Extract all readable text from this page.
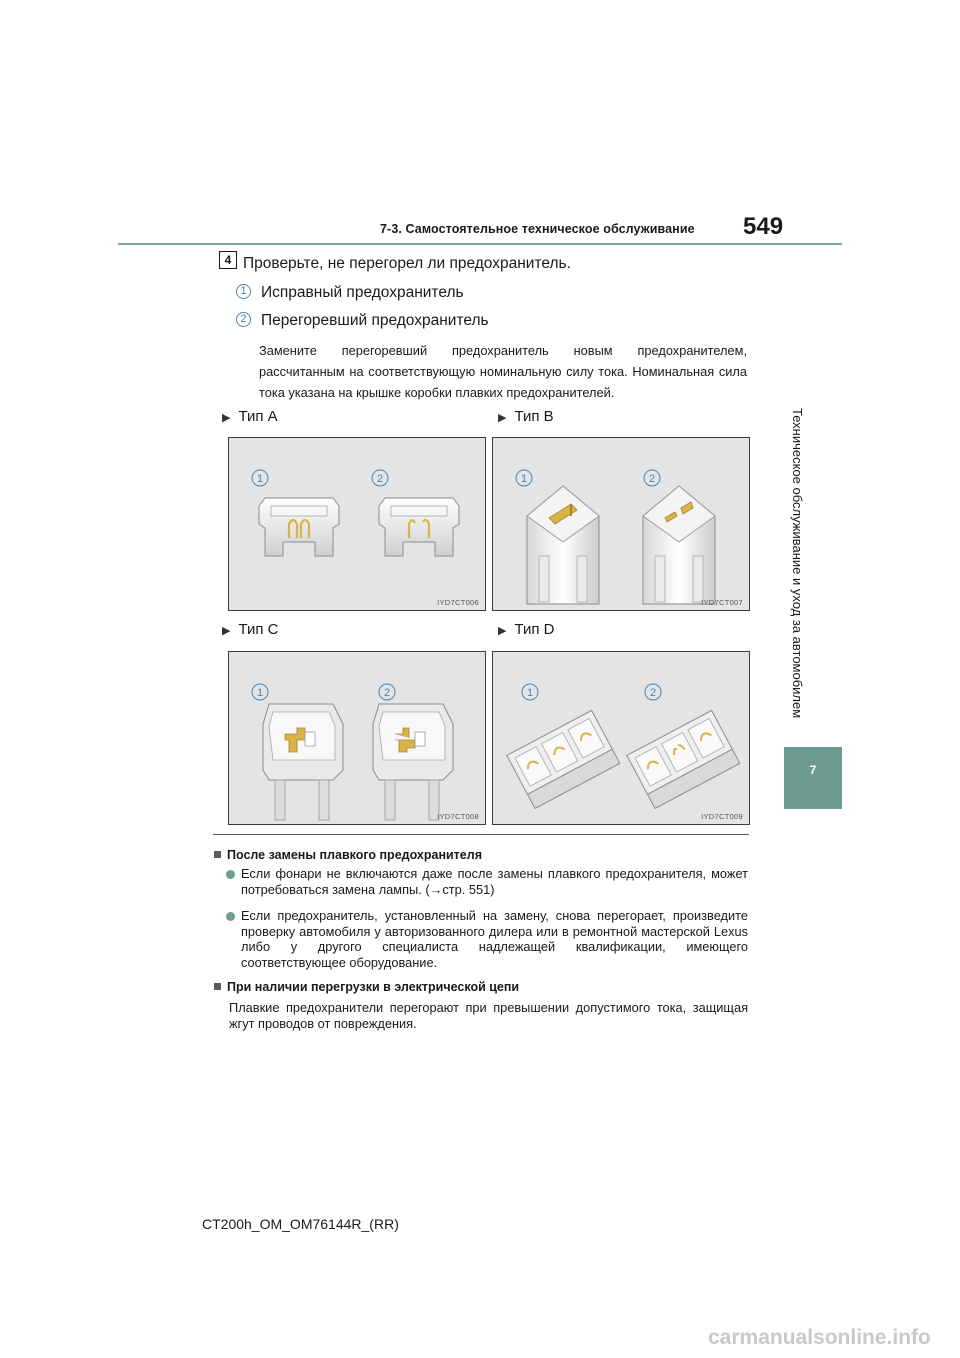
7-3. Самостоятельное техническое обслуживание 549
Техническое обслуживание и уход за автомобилем
7
4 Проверьте, не перегорел ли предохранитель.
1 Исправный предохранитель
2 Перегоревший предохранитель
Замените перегоревший предохранитель новым предохранителем, рассчитанным на соответствующую номинальную силу тока. Номинальная сила тока указана на крышке коробки плавких предохранителей.
▶ Тип A	▶ Тип B
▶ Тип C	▶ Тип D
1	2
IYD7CT006
1	2
IYD7CT007
1	2
IYD7CT008
1	2
IYD7CT009
После замены плавкого предохранителя
Если фонари не включаются даже после замены плавкого предохранителя, может потребоваться замена лампы. (→стр. 551)
Если предохранитель, установленный на замену, снова перегорает, произведите проверку автомобиля у авторизованного дилера или в ремонтной мастерской Lexus либо у другого специалиста надлежащей квалификации, имеющего соответствующее оборудование.
При наличии перегрузки в электрической цепи
Плавкие предохранители перегорают при превышении допустимого тока, защищая жгут проводов от повреждения.
CT200h_OM_OM76144R_(RR)
carmanualsonline.info
